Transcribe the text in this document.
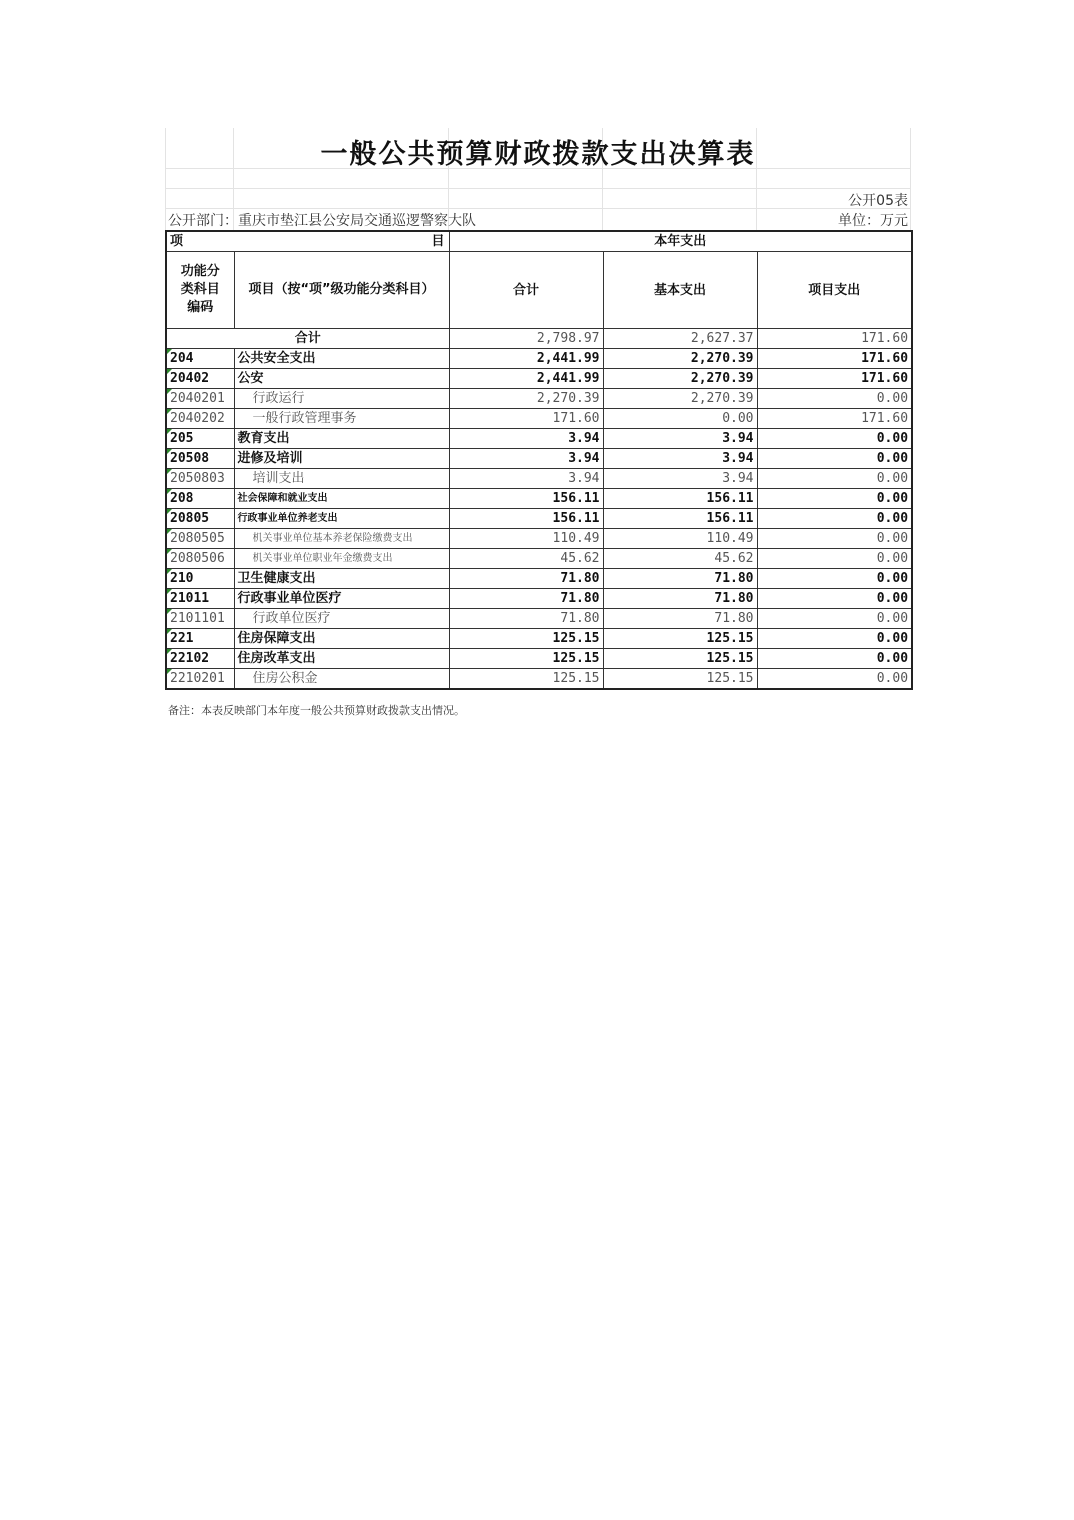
一般公共预算财政拨款支出决算表
公开05表
公开部门：重庆市垫江县公安局交通巡逻警察大队	单位：万元
项 目		本年支出		
功能分类科目编码	项目（按“项”级功能分类科目）	合计	基本支出	项目支出
合计		2,798.97	2,627.37	171.60
204	公共安全支出	2,441.99	2,270.39	171.60
20402	公安	2,441.99	2,270.39	171.60
2040201	行政运行	2,270.39	2,270.39	0.00
2040202	一般行政管理事务	171.60	0.00	171.60
205	教育支出	3.94	3.94	0.00
20508	进修及培训	3.94	3.94	0.00
2050803	培训支出	3.94	3.94	0.00
208	社会保障和就业支出	156.11	156.11	0.00
20805	行政事业单位养老支出	156.11	156.11	0.00
2080505	机关事业单位基本养老保险缴费支出	110.49	110.49	0.00
2080506	机关事业单位职业年金缴费支出	45.62	45.62	0.00
210	卫生健康支出	71.80	71.80	0.00
21011	行政事业单位医疗	71.80	71.80	0.00
2101101	行政单位医疗	71.80	71.80	0.00
221	住房保障支出	125.15	125.15	0.00
22102	住房改革支出	125.15	125.15	0.00
2210201	住房公积金	125.15	125.15	0.00
备注：本表反映部门本年度一般公共预算财政拨款支出情况。
